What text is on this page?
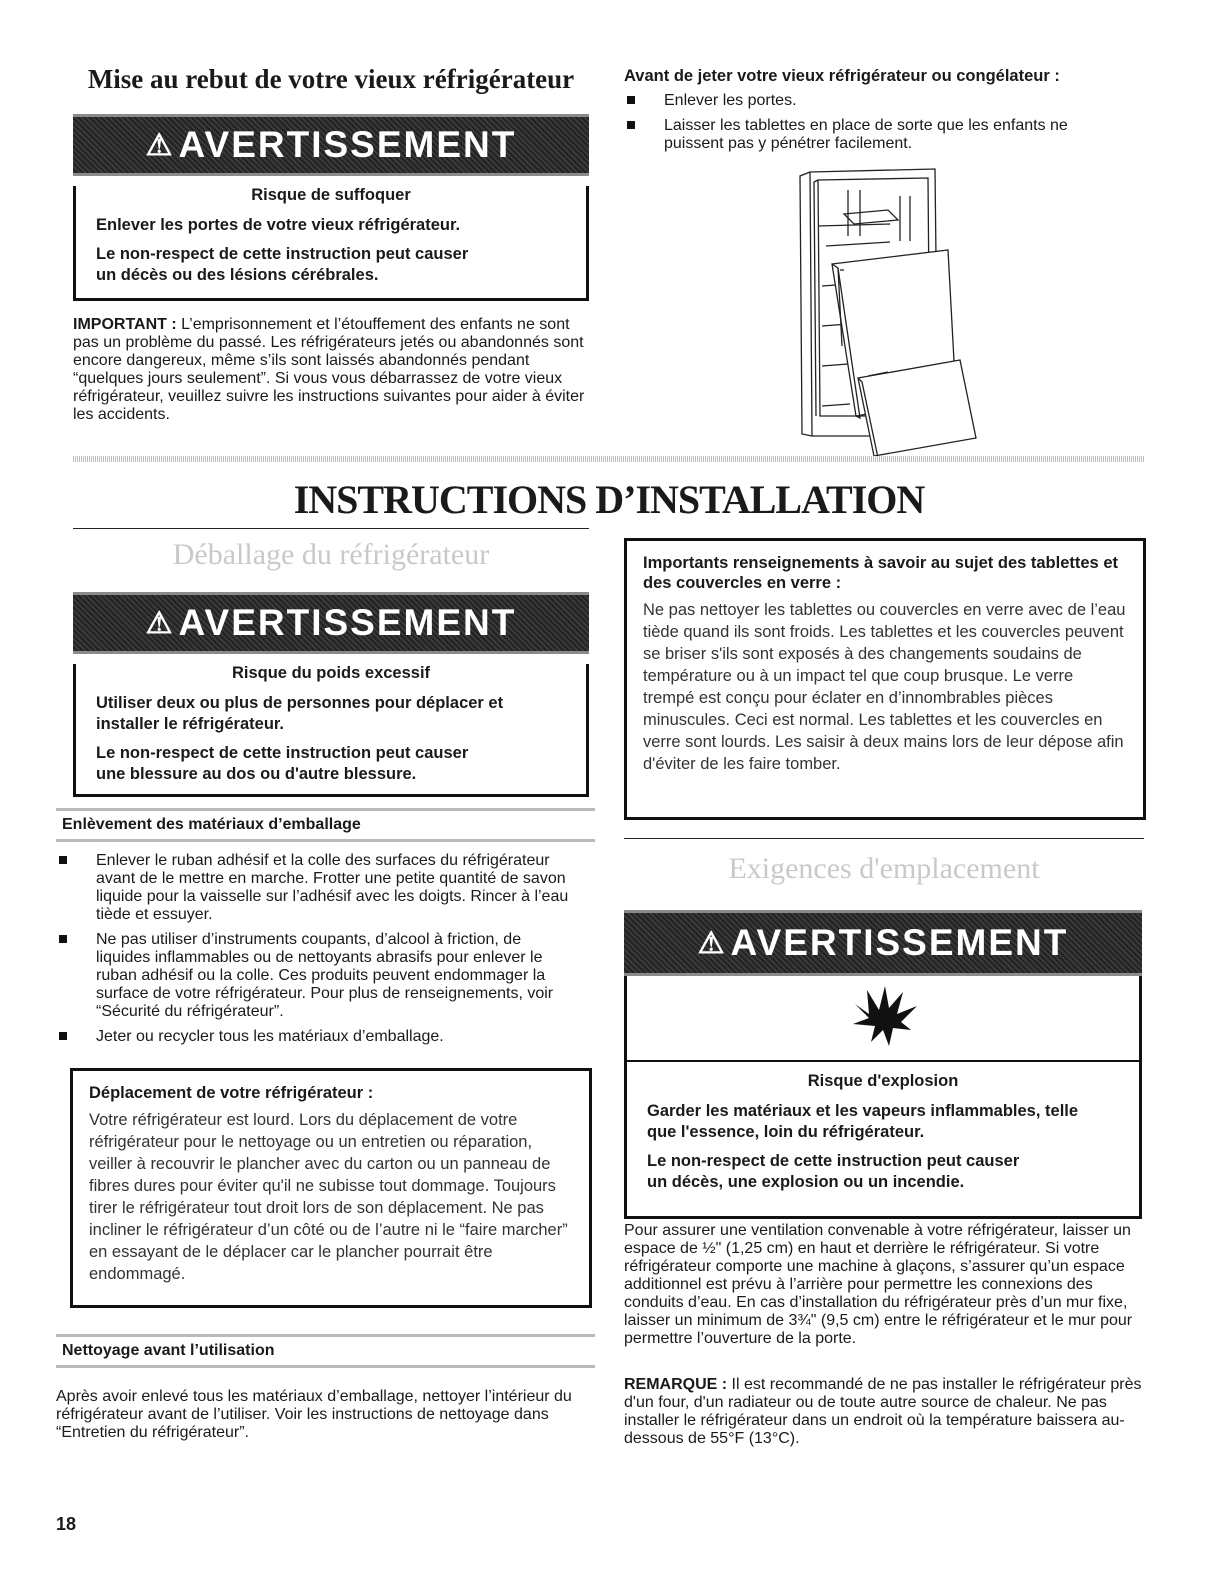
Mise au rebut de votre vieux réfrigérateur
⚠ AVERTISSEMENT
Risque de suffoquer
Enlever les portes de votre vieux réfrigérateur.
Le non-respect de cette instruction peut causer
un décès ou des lésions cérébrales.
IMPORTANT : L’emprisonnement et l’étouffement des enfants ne sont pas un problème du passé. Les réfrigérateurs jetés ou abandonnés sont encore dangereux, même s’ils sont laissés abandonnés pendant “quelques jours seulement”. Si vous vous débarrassez de votre vieux réfrigérateur, veuillez suivre les instructions suivantes pour aider à éviter les accidents.
Avant de jeter votre vieux réfrigérateur ou congélateur :
Enlever les portes.
Laisser les tablettes en place de sorte que les enfants ne puissent pas y pénétrer facilement.
INSTRUCTIONS D’INSTALLATION
Déballage du réfrigérateur
⚠ AVERTISSEMENT
Risque du poids excessif
Utiliser deux ou plus de personnes pour déplacer et
installer le réfrigérateur.
Le non-respect de cette instruction peut causer
une blessure au dos ou d'autre blessure.
Enlèvement des matériaux d’emballage
Enlever le ruban adhésif et la colle des surfaces du réfrigérateur avant de le mettre en marche. Frotter une petite quantité de savon liquide pour la vaisselle sur l’adhésif avec les doigts. Rincer à l’eau tiède et essuyer.
Ne pas utiliser d’instruments coupants, d’alcool à friction, de liquides inflammables ou de nettoyants abrasifs pour enlever le ruban adhésif ou la colle. Ces produits peuvent endommager la surface de votre réfrigérateur. Pour plus de renseignements, voir “Sécurité du réfrigérateur”.
Jeter ou recycler tous les matériaux d’emballage.
Déplacement de votre réfrigérateur :
Votre réfrigérateur est lourd. Lors du déplacement de votre réfrigérateur pour le nettoyage ou un entretien ou réparation, veiller à recouvrir le plancher avec du carton ou un panneau de fibres dures pour éviter qu'il ne subisse tout dommage. Toujours tirer le réfrigérateur tout droit lors de son déplacement. Ne pas incliner le réfrigérateur d’un côté ou de l’autre ni le “faire marcher” en essayant de le déplacer car le plancher pourrait être endommagé.
Nettoyage avant l’utilisation
Après avoir enlevé tous les matériaux d’emballage, nettoyer l’intérieur du réfrigérateur avant de l’utiliser. Voir les instructions de nettoyage dans “Entretien du réfrigérateur”.
18
Importants renseignements à savoir au sujet des tablettes et des couvercles en verre :
Ne pas nettoyer les tablettes ou couvercles en verre avec de l’eau tiède quand ils sont froids. Les tablettes et les couvercles peuvent se briser s'ils sont exposés à des changements soudains de température ou à un impact tel que coup brusque. Le verre trempé est conçu pour éclater en d’innombrables pièces minuscules. Ceci est normal. Les tablettes et les couvercles en verre sont lourds. Les saisir à deux mains lors de leur dépose afin d'éviter de les faire tomber.
Exigences d'emplacement
⚠ AVERTISSEMENT
Risque d'explosion
Garder les matériaux et les vapeurs inflammables, telle
que l'essence, loin du réfrigérateur.
Le non-respect de cette instruction peut causer
un décès, une explosion ou un incendie.
Pour assurer une ventilation convenable à votre réfrigérateur, laisser un espace de ½" (1,25 cm) en haut et derrière le réfrigérateur. Si votre réfrigérateur comporte une machine à glaçons, s’assurer qu’un espace additionnel est prévu à l’arrière pour permettre les connexions des conduits d’eau. En cas d’installation du réfrigérateur près d’un mur fixe, laisser un minimum de 3¾" (9,5 cm) entre le réfrigérateur et le mur pour permettre l’ouverture de la porte.
REMARQUE : Il est recommandé de ne pas installer le réfrigérateur près d'un four, d'un radiateur ou de toute autre source de chaleur. Ne pas installer le réfrigérateur dans un endroit où la température baissera au-dessous de 55°F (13°C).
